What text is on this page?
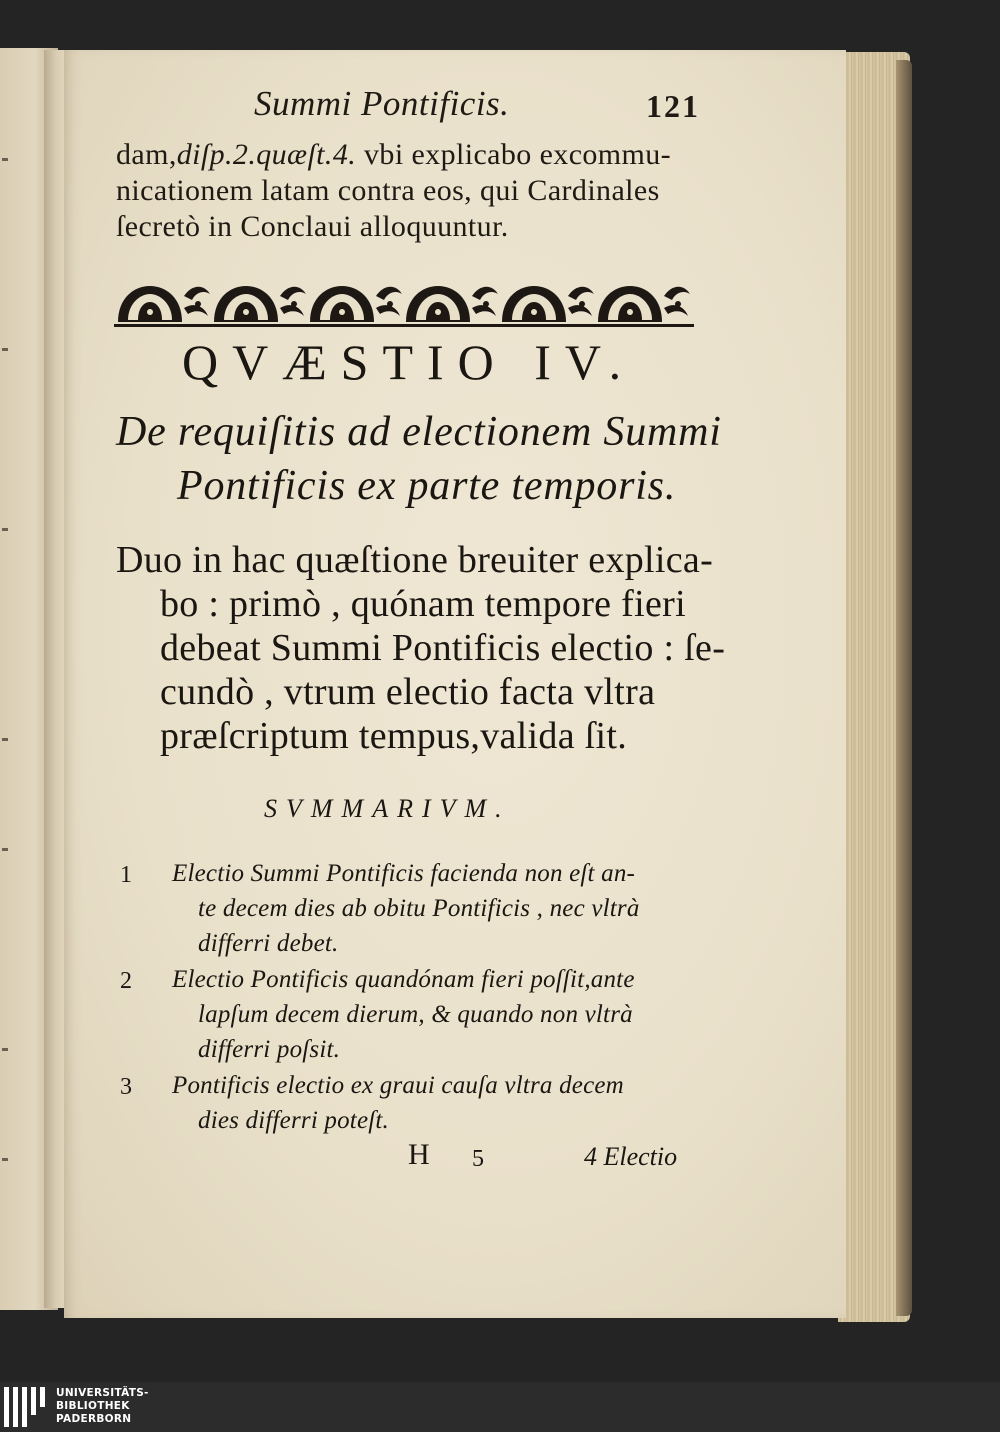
Summi Pontificis.	121

dam,diſp.2.quæſt.4. vbi explicabo excommu-

nicationem latam contra eos, qui Cardinales

ſecretò in Conclaui alloquuntur.

QVÆSTIO IV.

De requiſitis ad electionem Summi

Pontificis ex parte temporis.

Duo in hac quæſtione breuiter explica-

bo : primò , quónam tempore fieri

debeat Summi Pontificis electio : ſe-

cundò , vtrum electio facta vltra

præſcriptum tempus,valida ſit.

SVMMARIVM.

1 Electio Summi Pontificis facienda non eſt an-

te decem dies ab obitu Pontificis , nec vltrà

differri debet.

2 Electio Pontificis quandónam fieri poſſit,ante

lapſum decem dierum, & quando non vltrà

differri poſsit.

3 Pontificis electio ex graui cauſa vltra decem

dies differri poteſt.

H 5	4 Electio

UNIVERSITÄTS-
BIBLIOTHEK
PADERBORN
